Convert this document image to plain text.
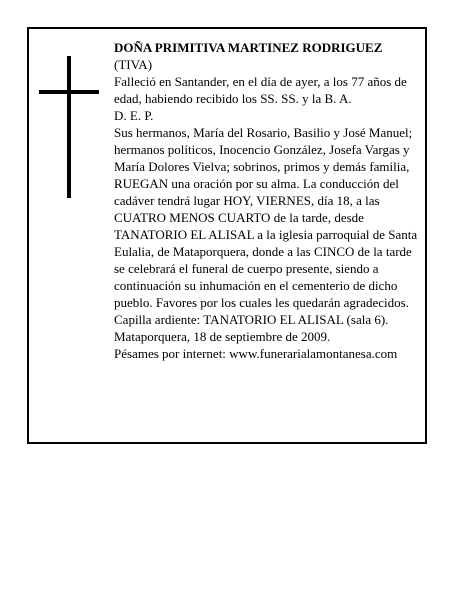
DOÑA PRIMITIVA MARTINEZ RODRIGUEZ

(TIVA)

Falleció en Santander, en el día de ayer, a los 77 años de edad, habiendo recibido los SS. SS. y la B. A.

D. E. P.

Sus hermanos, María del Rosario, Basilio y José Manuel; hermanos políticos, Inocencio González, Josefa Vargas y María Dolores Vielva; sobrinos, primos y demás familia,

RUEGAN una oración por su alma. La conducción del cadáver tendrá lugar HOY, VIERNES, día 18, a las CUATRO MENOS CUARTO de la tarde, desde TANATORIO EL ALISAL a la iglesia parroquial de Santa Eulalia, de Mataporquera, donde a las CINCO de la tarde se celebrará el funeral de cuerpo presente, siendo a continuación su inhumación en el cementerio de dicho pueblo. Favores por los cuales les quedarán agradecidos. Capilla ardiente: TANATORIO EL ALISAL (sala 6).

Mataporquera, 18 de septiembre de 2009.

Pésames por internet: www.funerarialamontanesa.com
